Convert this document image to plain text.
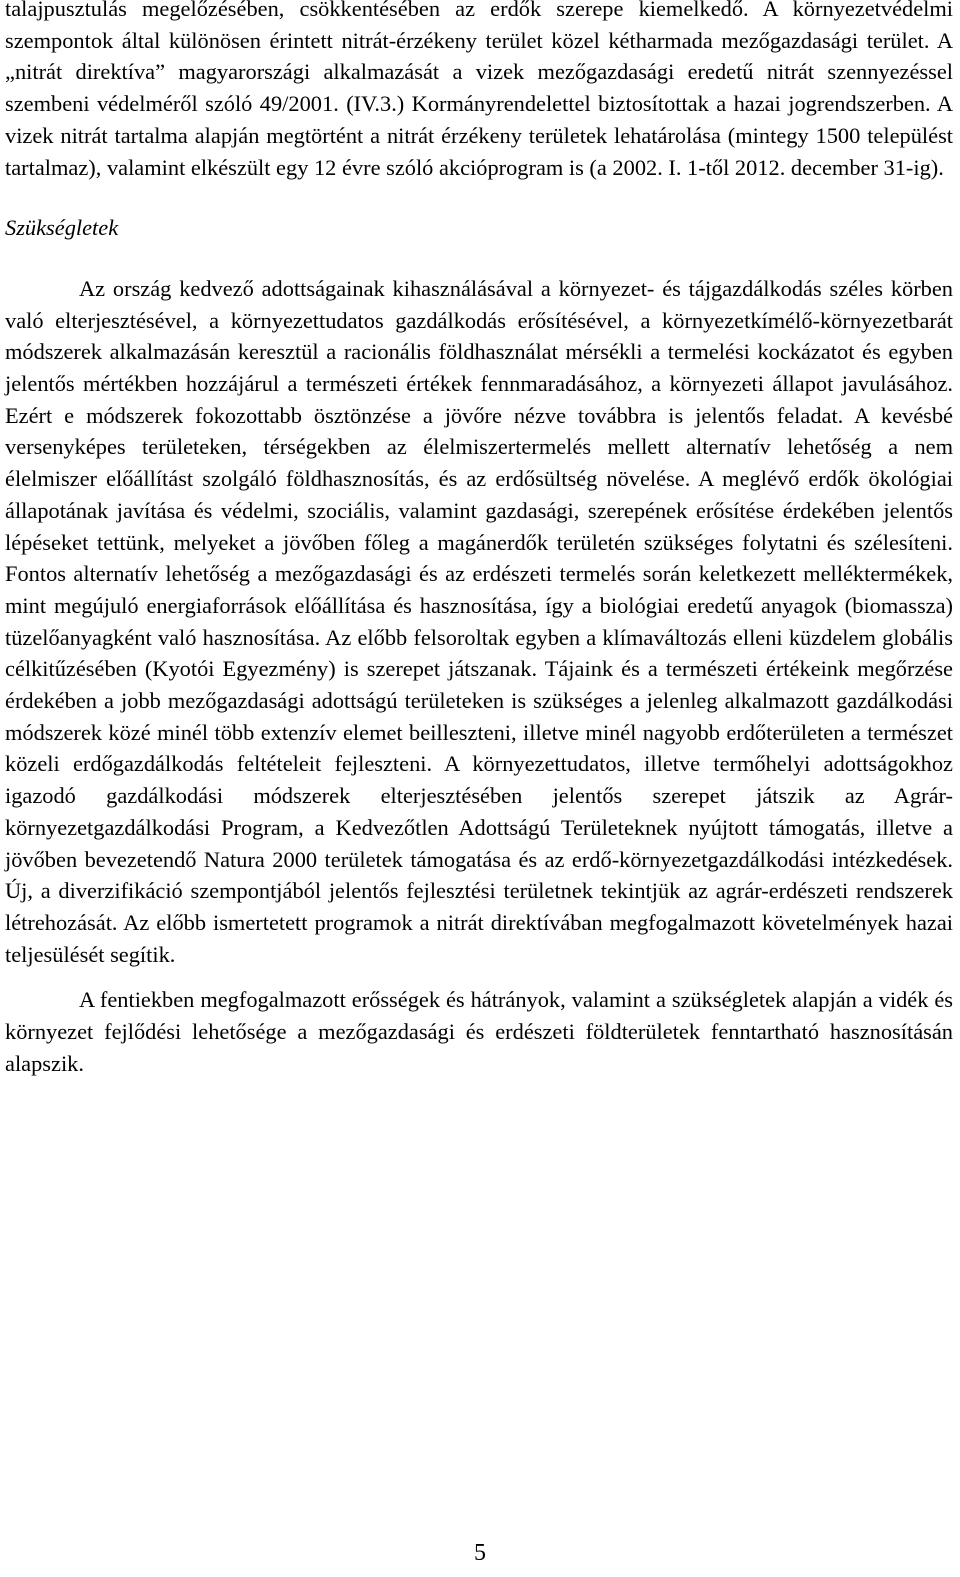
talajpusztulás megelőzésében, csökkentésében az erdők szerepe kiemelkedő. A környezetvédelmi szempontok által különösen érintett nitrát-érzékeny terület közel kétharmada mezőgazdasági terület. A „nitrát direktíva” magyarországi alkalmazását a vizek mezőgazdasági eredetű nitrát szennyezéssel szembeni védelméről szóló 49/2001. (IV.3.) Kormányrendelettel biztosítottak a hazai jogrendszerben. A vizek nitrát tartalma alapján megtörtént a nitrát érzékeny területek lehatárolása (mintegy 1500 települést tartalmaz), valamint elkészült egy 12 évre szóló akcióprogram is (a 2002. I. 1-től 2012. december 31-ig).

Szükségletek

Az ország kedvező adottságainak kihasználásával a környezet- és tájgazdálkodás széles körben való elterjesztésével, a környezettudatos gazdálkodás erősítésével, a környezetkímélő-környezetbarát módszerek alkalmazásán keresztül a racionális földhasználat mérsékli a termelési kockázatot és egyben jelentős mértékben hozzájárul a természeti értékek fennmaradásához, a környezeti állapot javulásához. Ezért e módszerek fokozottabb ösztönzése a jövőre nézve továbbra is jelentős feladat. A kevésbé versenyképes területeken, térségekben az élelmiszertermelés mellett alternatív lehetőség a nem élelmiszer előállítást szolgáló földhasznosítás, és az erdősültség növelése. A meglévő erdők ökológiai állapotának javítása és védelmi, szociális, valamint gazdasági, szerepének erősítése érdekében jelentős lépéseket tettünk, melyeket a jövőben főleg a magánerdők területén szükséges folytatni és szélesíteni. Fontos alternatív lehetőség a mezőgazdasági és az erdészeti termelés során keletkezett melléktermékek, mint megújuló energiaforrások előállítása és hasznosítása, így a biológiai eredetű anyagok (biomassza) tüzelőanyagként való hasznosítása. Az előbb felsoroltak egyben a klímaváltozás elleni küzdelem globális célkitűzésében (Kyotói Egyezmény) is szerepet játszanak. Tájaink és a természeti értékeink megőrzése érdekében a jobb mezőgazdasági adottságú területeken is szükséges a jelenleg alkalmazott gazdálkodási módszerek közé minél több extenzív elemet beilleszteni, illetve minél nagyobb erdőterületen a természet közeli erdőgazdálkodás feltételeit fejleszteni. A környezettudatos, illetve termőhelyi adottságokhoz igazodó gazdálkodási módszerek elterjesztésében jelentős szerepet játszik az Agrár-környezetgazdálkodási Program, a Kedvezőtlen Adottságú Területeknek nyújtott támogatás, illetve a jövőben bevezetendő Natura 2000 területek támogatása és az erdő-környezetgazdálkodási intézkedések. Új, a diverzifikáció szempontjából jelentős fejlesztési területnek tekintjük az agrár-erdészeti rendszerek létrehozását. Az előbb ismertetett programok a nitrát direktívában megfogalmazott követelmények hazai teljesülését segítik.

A fentiekben megfogalmazott erősségek és hátrányok, valamint a szükségletek alapján a vidék és környezet fejlődési lehetősége a mezőgazdasági és erdészeti földterületek fenntartható hasznosításán alapszik.

5
